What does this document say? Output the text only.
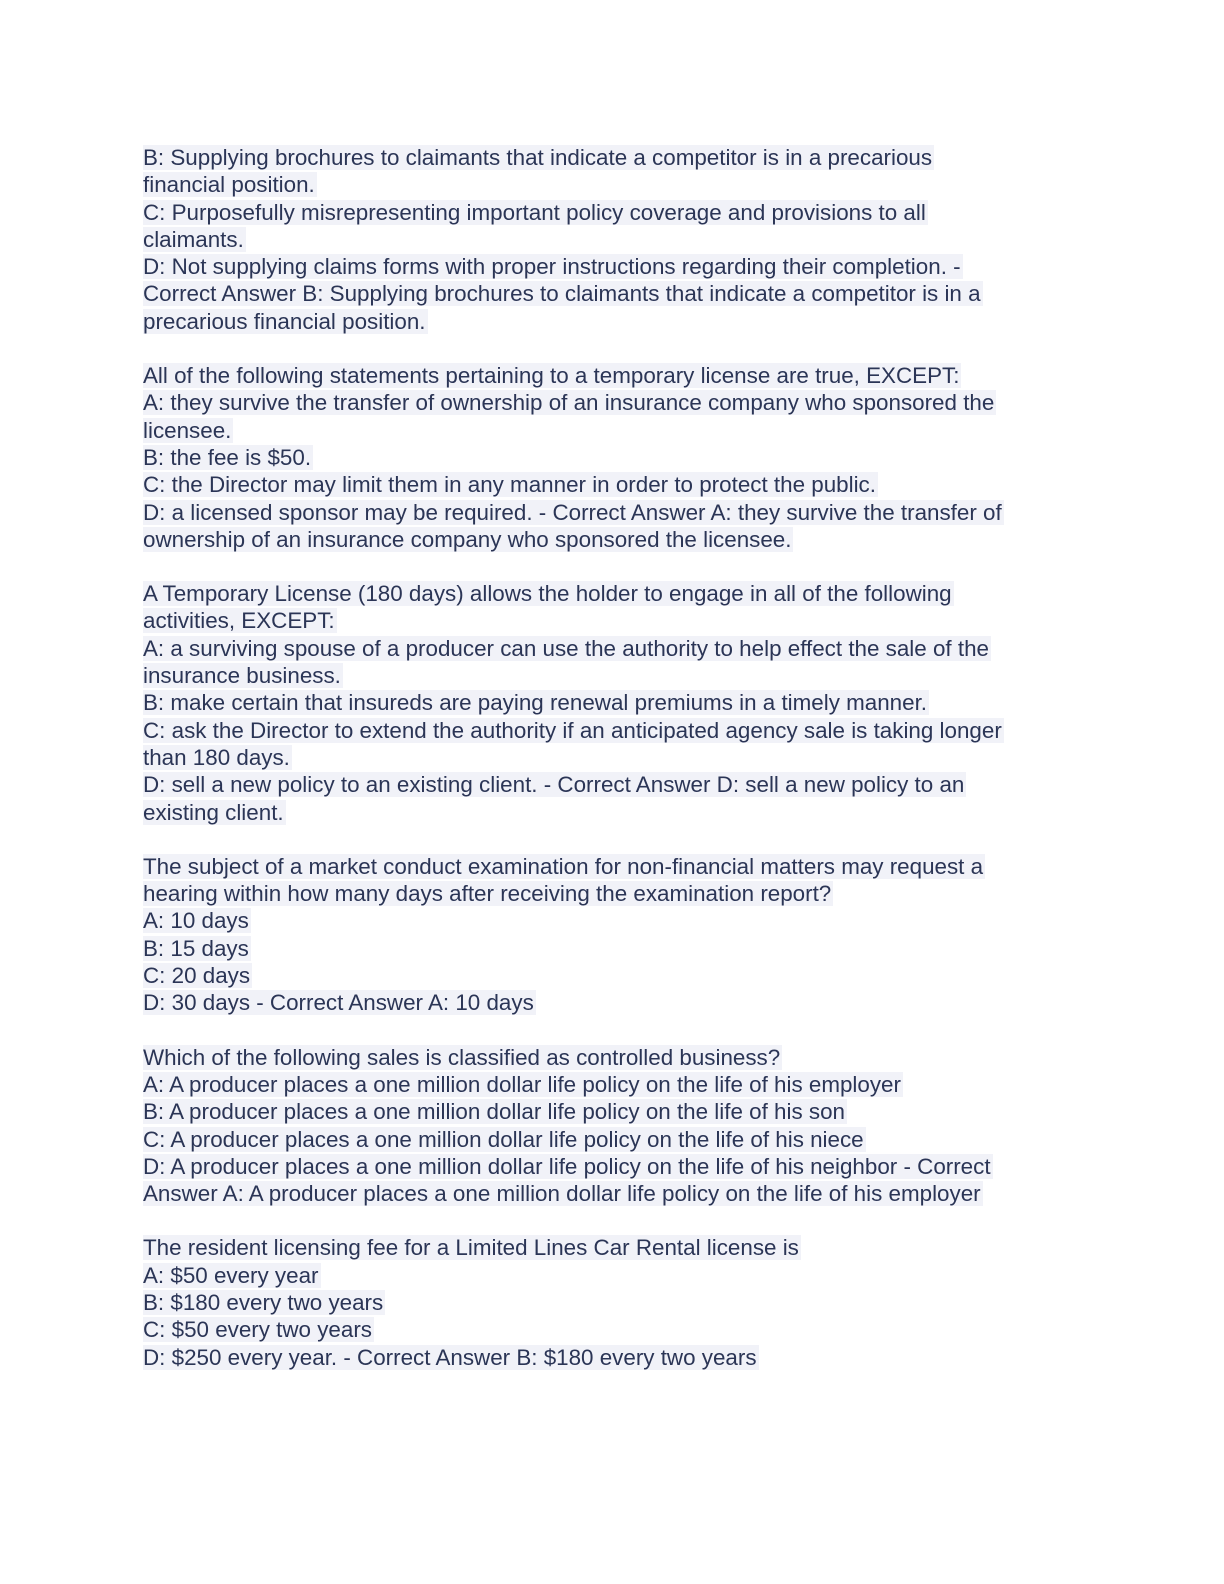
B: Supplying brochures to claimants that indicate a competitor is in a precarious
financial position.
C: Purposefully misrepresenting important policy coverage and provisions to all
claimants.
D: Not supplying claims forms with proper instructions regarding their completion. -
Correct Answer B: Supplying brochures to claimants that indicate a competitor is in a
precarious financial position.
All of the following statements pertaining to a temporary license are true, EXCEPT:
A: they survive the transfer of ownership of an insurance company who sponsored the
licensee.
B: the fee is $50.
C: the Director may limit them in any manner in order to protect the public.
D: a licensed sponsor may be required. - Correct Answer A: they survive the transfer of
ownership of an insurance company who sponsored the licensee.
A Temporary License (180 days) allows the holder to engage in all of the following
activities, EXCEPT:
A: a surviving spouse of a producer can use the authority to help effect the sale of the
insurance business.
B: make certain that insureds are paying renewal premiums in a timely manner.
C: ask the Director to extend the authority if an anticipated agency sale is taking longer
than 180 days.
D: sell a new policy to an existing client. - Correct Answer D: sell a new policy to an
existing client.
The subject of a market conduct examination for non-financial matters may request a
hearing within how many days after receiving the examination report?
A: 10 days
B: 15 days
C: 20 days
D: 30 days - Correct Answer A: 10 days
Which of the following sales is classified as controlled business?
A: A producer places a one million dollar life policy on the life of his employer
B: A producer places a one million dollar life policy on the life of his son
C: A producer places a one million dollar life policy on the life of his niece
D: A producer places a one million dollar life policy on the life of his neighbor - Correct
Answer A: A producer places a one million dollar life policy on the life of his employer
The resident licensing fee for a Limited Lines Car Rental license is
A: $50 every year
B: $180 every two years
C: $50 every two years
D: $250 every year. - Correct Answer B: $180 every two years
